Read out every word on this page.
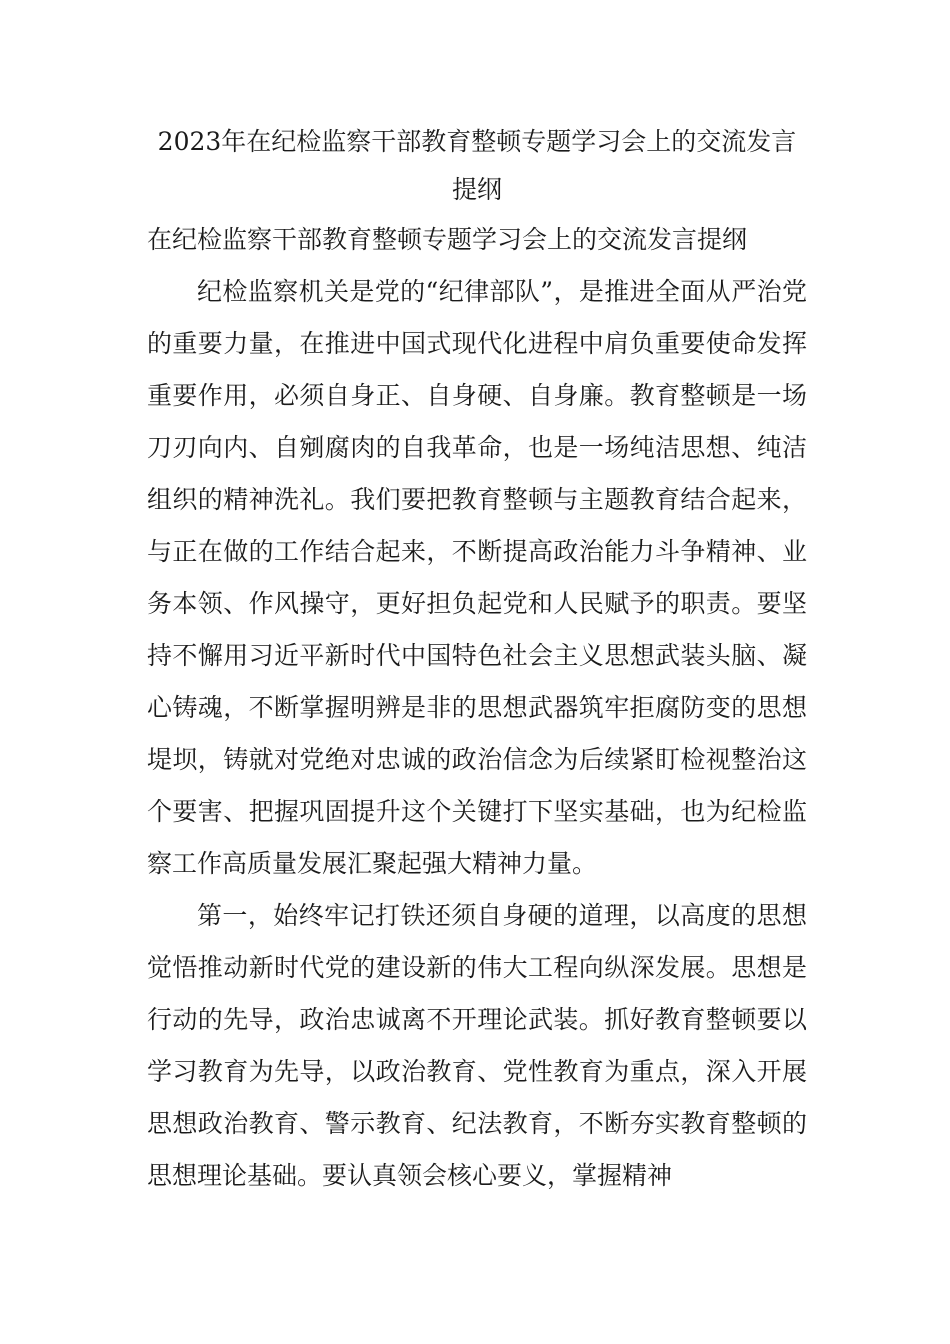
2023年在纪检监察干部教育整顿专题学习会上的交流发言提纲

在纪检监察干部教育整顿专题学习会上的交流发言提纲

纪检监察机关是党的“纪律部队”，是推进全面从严治党的重要力量，在推进中国式现代化进程中肩负重要使命发挥重要作用，必须自身正、自身硬、自身廉。教育整顿是一场刀刃向内、自剜腐肉的自我革命，也是一场纯洁思想、纯洁组织的精神洗礼。我们要把教育整顿与主题教育结合起来，与正在做的工作结合起来，不断提高政治能力斗争精神、业务本领、作风操守，更好担负起党和人民赋予的职责。要坚持不懈用习近平新时代中国特色社会主义思想武装头脑、凝心铸魂，不断掌握明辨是非的思想武器筑牢拒腐防变的思想堤坝，铸就对党绝对忠诚的政治信念为后续紧盯检视整治这个要害、把握巩固提升这个关键打下坚实基础，也为纪检监察工作高质量发展汇聚起强大精神力量。

第一，始终牢记打铁还须自身硬的道理，以高度的思想觉悟推动新时代党的建设新的伟大工程向纵深发展。思想是行动的先导，政治忠诚离不开理论武装。抓好教育整顿要以学习教育为先导，以政治教育、党性教育为重点，深入开展思想政治教育、警示教育、纪法教育，不断夯实教育整顿的思想理论基础。要认真领会核心要义，掌握精神
